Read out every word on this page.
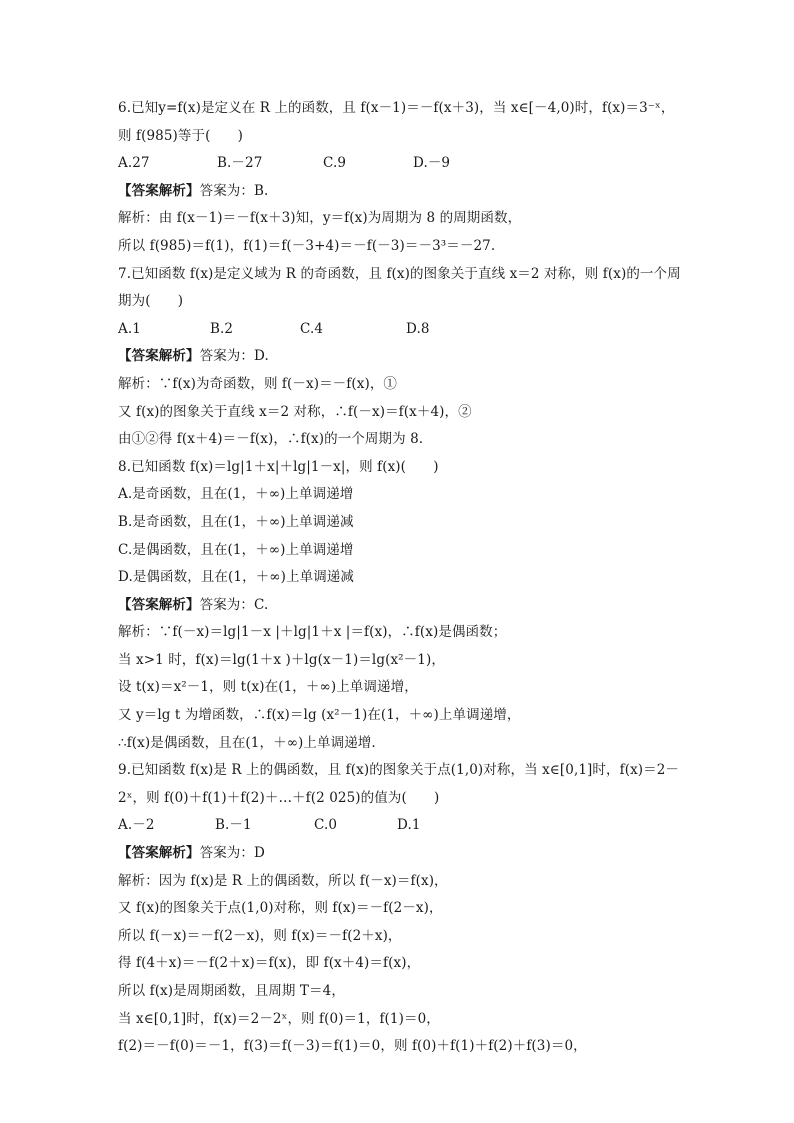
6.已知y=f(x)是定义在 R 上的函数，且 f(x－1)＝－f(x＋3)，当 x∈[－4,0)时，f(x)＝3⁻ˣ，
则 f(985)等于(　　)
A.27	B.－27	C.9	D.－9
【答案解析】答案为：B.
解析：由 f(x－1)＝－f(x＋3)知，y＝f(x)为周期为 8 的周期函数，
所以 f(985)＝f(1)，f(1)＝f(－3+4)＝－f(－3)＝－3³＝－27.
7.已知函数 f(x)是定义域为 R 的奇函数，且 f(x)的图象关于直线 x＝2 对称，则 f(x)的一个周
期为(　　)
A.1	B.2	C.4	D.8
【答案解析】答案为：D.
解析：∵f(x)为奇函数，则 f(－x)＝－f(x)，①
又 f(x)的图象关于直线 x＝2 对称，∴f(－x)＝f(x＋4)，②
由①②得 f(x＋4)＝－f(x)，∴f(x)的一个周期为 8.
8.已知函数 f(x)＝lg|1＋x|＋lg|1－x|，则 f(x)(　　)
A.是奇函数，且在(1，＋∞)上单调递增
B.是奇函数，且在(1，＋∞)上单调递减
C.是偶函数，且在(1，＋∞)上单调递增
D.是偶函数，且在(1，＋∞)上单调递减
【答案解析】答案为：C.
解析：∵f(－x)＝lg|1－x |＋lg|1＋x |＝f(x)，∴f(x)是偶函数；
当 x>1 时，f(x)＝lg(1＋x )＋lg(x－1)＝lg(x²－1)，
设 t(x)＝x²－1，则 t(x)在(1，＋∞)上单调递增，
又 y＝lg t 为增函数，∴f(x)＝lg (x²－1)在(1，＋∞)上单调递增，
∴f(x)是偶函数，且在(1，＋∞)上单调递增.
9.已知函数 f(x)是 R 上的偶函数，且 f(x)的图象关于点(1,0)对称，当 x∈[0,1]时，f(x)＝2－
2ˣ，则 f(0)＋f(1)＋f(2)＋…＋f(2 025)的值为(　　)
A.－2	B.－1	C.0	D.1
【答案解析】答案为：D
解析：因为 f(x)是 R 上的偶函数，所以 f(－x)＝f(x)，
又 f(x)的图象关于点(1,0)对称，则 f(x)＝－f(2－x)，
所以 f(－x)＝－f(2－x)，则 f(x)＝－f(2＋x)，
得 f(4＋x)＝－f(2＋x)＝f(x)，即 f(x＋4)＝f(x)，
所以 f(x)是周期函数，且周期 T＝4，
当 x∈[0,1]时，f(x)＝2－2ˣ，则 f(0)＝1，f(1)＝0，
f(2)＝－f(0)＝－1，f(3)＝f(－3)＝f(1)＝0，则 f(0)＋f(1)＋f(2)＋f(3)＝0，
